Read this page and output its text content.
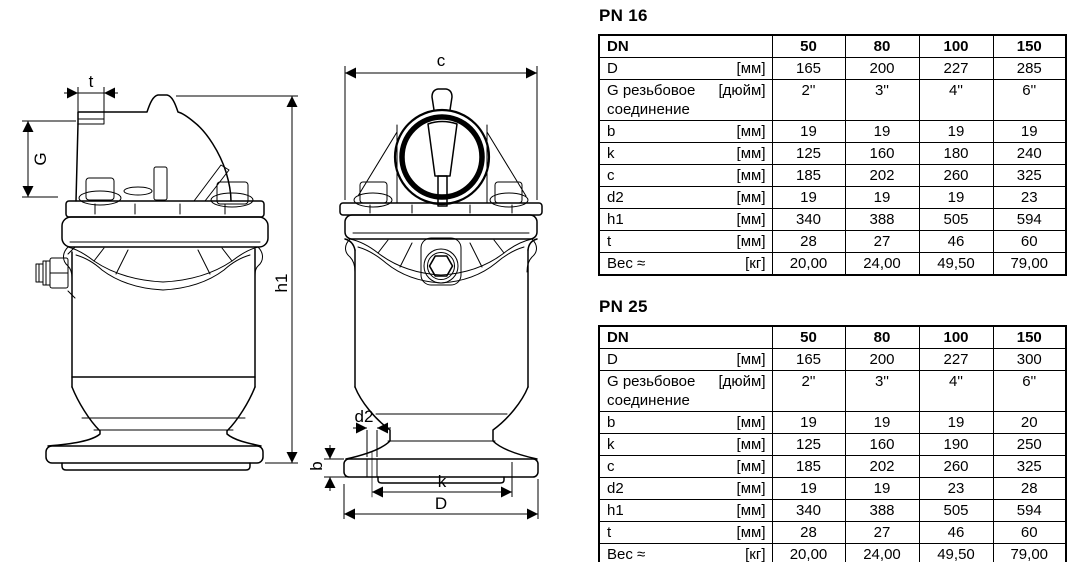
t
G
h1
c
d2
b
k
D
PN 16
DN	50	80	100	150

D [мм]	165	200	227	285

G резьбовое
соединение
[дюйм]	2''	3''	4''	6''

b [мм]	19	19	19	19

k [мм]	125	160	180	240

c [мм]	185	202	260	325

d2 [мм]	19	19	19	23

h1 [мм]	340	388	505	594

t [мм]	28	27	46	60

Вес ≈ [кг]	20,00	24,00	49,50	79,00
PN 25
DN	50	80	100	150

D [мм]	165	200	227	300

G резьбовое
соединение
[дюйм]	2''	3''	4''	6''

b [мм]	19	19	19	20

k [мм]	125	160	190	250

c [мм]	185	202	260	325

d2 [мм]	19	19	23	28

h1 [мм]	340	388	505	594

t [мм]	28	27	46	60

Вес ≈ [кг]	20,00	24,00	49,50	79,00
